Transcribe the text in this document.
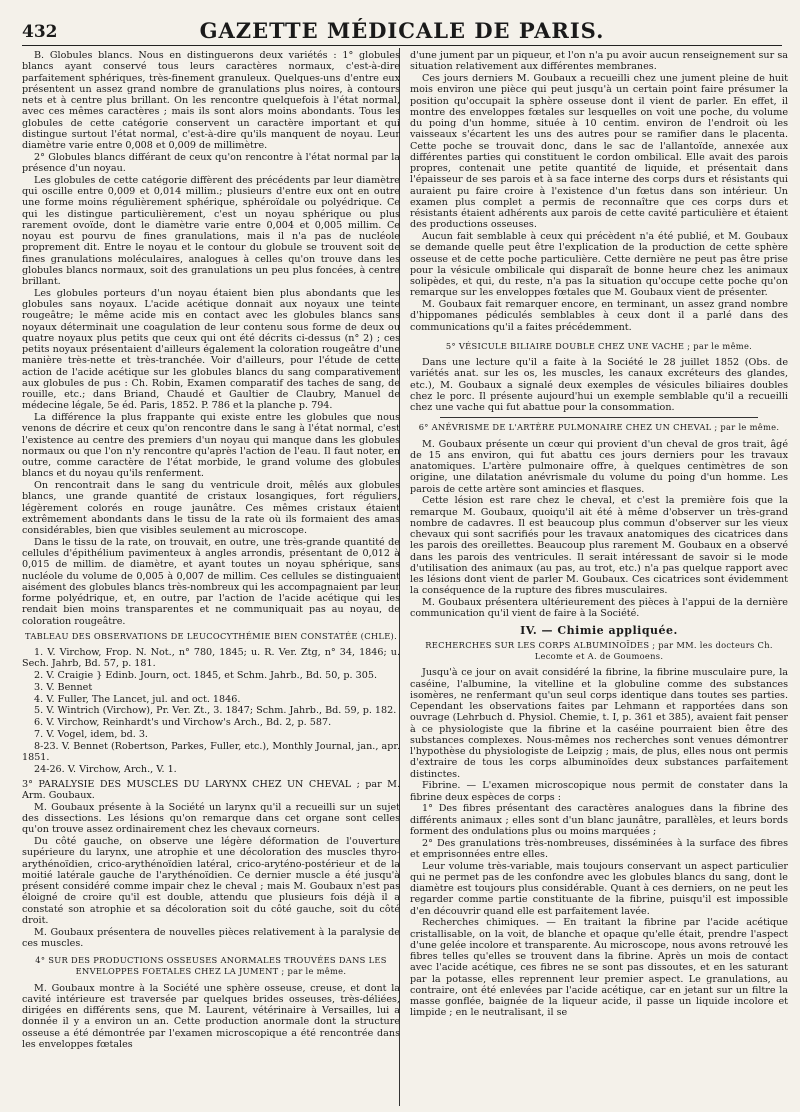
432	GAZETTE MÉDICALE DE PARIS.

B. Globules blancs. Nous en distinguerons deux variétés : 1° globules blancs ayant conservé tous leurs caractères normaux, c'est-à-dire parfaitement sphériques, très-finement granuleux. Quelques-uns d'entre eux présentent un assez grand nombre de granulations plus noires, à contours nets et à centre plus brillant. On les rencontre quelquefois à l'état normal, avec ces mêmes caractères ; mais ils sont alors moins abondants. Tous les globules de cette catégorie conservent un caractère important et qui distingue surtout l'état normal, c'est-à-dire qu'ils manquent de noyau. Leur diamètre varie entre 0,008 et 0,009 de millimètre.

2° Globules blancs différant de ceux qu'on rencontre à l'état normal par la présence d'un noyau.

Les globules de cette catégorie diffèrent des précédents par leur diamètre qui oscille entre 0,009 et 0,014 millim.; plusieurs d'entre eux ont en outre une forme moins régulièrement sphérique, sphéroïdale ou polyédrique. Ce qui les distingue particulièrement, c'est un noyau sphérique ou plus rarement ovoïde, dont le diamètre varie entre 0,004 et 0,005 millim. Ce noyau est pourvu de fines granulations, mais il n'a pas de nucléole proprement dit. Entre le noyau et le contour du globule se trouvent soit de fines granulations moléculaires, analogues à celles qu'on trouve dans les globules blancs normaux, soit des granulations un peu plus foncées, à centre brillant.

Les globules porteurs d'un noyau étaient bien plus abondants que les globules sans noyaux. L'acide acétique donnait aux noyaux une teinte rougeâtre; le même acide mis en contact avec les globules blancs sans noyaux déterminait une coagulation de leur contenu sous forme de deux ou quatre noyaux plus petits que ceux qui ont été décrits ci-dessus (n° 2) ; ces petits noyaux présentaient d'ailleurs également la coloration rougeâtre d'une manière très-nette et très-tranchée. Voir d'ailleurs, pour l'étude de cette action de l'acide acétique sur les globules blancs du sang comparativement aux globules de pus : Ch. Robin, Examen comparatif des taches de sang, de rouille, etc.; dans Briand, Chaudé et Gaultier de Claubry, Manuel de médecine légale, 5e éd. Paris, 1852. P. 786 et la planche p. 794.

La différence la plus frappante qui existe entre les globules que nous venons de décrire et ceux qu'on rencontre dans le sang à l'état normal, c'est l'existence au centre des premiers d'un noyau qui manque dans les globules normaux ou que l'on n'y rencontre qu'après l'action de l'eau. Il faut noter, en outre, comme caractère de l'état morbide, le grand volume des globules blancs et du noyau qu'ils renferment.

On rencontrait dans le sang du ventricule droit, mêlés aux globules blancs, une grande quantité de cristaux losangiques, fort réguliers, légèrement colorés en rouge jaunâtre. Ces mêmes cristaux étaient extrêmement abondants dans le tissu de la rate où ils formaient des amas considérables, bien que visibles seulement au microscope.

Dans le tissu de la rate, on trouvait, en outre, une très-grande quantité de cellules d'épithélium pavimenteux à angles arrondis, présentant de 0,012 à 0,015 de millim. de diamètre, et ayant toutes un noyau sphérique, sans nucléole du volume de 0,005 à 0,007 de millim. Ces cellules se distinguaient aisément des globules blancs très-nombreux qui les accompagnaient par leur forme polyédrique, et, en outre, par l'action de l'acide acétique qui les rendait bien moins transparentes et ne communiquait pas au noyau, de coloration rougeâtre.

TABLEAU DES OBSERVATIONS DE LEUCOCYTHÉMIE BIEN CONSTATÉE (CHLE).

1. V. Virchow, Frор. N. Not., n° 780, 1845; u. R. Ver. Ztg, n° 34, 1846; u. Sech. Jahrb, Bd. 57, p. 181.

2. V. Craigie } Edinb. Journ, oct. 1845, et Schm. Jahrb., Bd. 50, p. 305.

3. V. Bennet

4. V. Fuller, The Lancet, jul. and oct. 1846.

5. V. Wintrich (Virchow), Pr. Ver. Zt., 3. 1847; Schm. Jahrb., Bd. 59, p. 182.

6. V. Virchow, Reinhardt's und Virchow's Arch., Bd. 2, p. 587.

7. V. Vogel, idem, bd. 3.

8-23. V. Bennet (Robertson, Parkes, Fuller, etc.), Monthly Journal, jan., apr. 1851.

24-26. V. Virchow, Arch., V. 1.

3° PARALYSIE DES MUSCLES DU LARYNX CHEZ UN CHEVAL ; par M. Arm. Goubaux.

M. Goubaux présente à la Société un larynx qu'il a recueilli sur un sujet des dissections. Les lésions qu'on remarque dans cet organe sont celles qu'on trouve assez ordinairement chez les chevaux corneurs.

Du côté gauche, on observe une légère déformation de l'ouverture supérieure du larynx, une atrophie et une décoloration des muscles thyro-arythénoïdien, crico-arythénoïdien latéral, crico-aryténo-postérieur et de la moitié latérale gauche de l'arythénoïdien. Ce dernier muscle a été jusqu'à présent considéré comme impair chez le cheval ; mais M. Goubaux n'est pas éloigné de croire qu'il est double, attendu que plusieurs fois déjà il a constaté son atrophie et sa décoloration soit du côté gauche, soit du côté droit.

M. Goubaux présentera de nouvelles pièces relativement à la paralysie de ces muscles.

4° SUR DES PRODUCTIONS OSSEUSES ANORMALES TROUVÉES DANS LES ENVELOPPES FOETALES CHEZ LA JUMENT ; par le même.

M. Goubaux montre à la Société une sphère osseuse, creuse, et dont la cavité intérieure est traversée par quelques brides osseuses, très-déliées, dirigées en différents sens, que M. Laurent, vétérinaire à Versailles, lui a donnée il y a environ un an. Cette production anormale dont la structure osseuse a été démontrée par l'examen microscopique a été rencontrée dans les enveloppes fœtales

d'une jument par un piqueur, et l'on n'a pu avoir aucun renseignement sur sa situation relativement aux différentes membranes.

Ces jours derniers M. Goubaux a recueilli chez une jument pleine de huit mois environ une pièce qui peut jusqu'à un certain point faire présumer la position qu'occupait la sphère osseuse dont il vient de parler. En effet, il montre des enveloppes fœtales sur lesquelles on voit une poche, du volume du poing d'un homme, située à 10 centim. environ de l'endroit où les vaisseaux s'écartent les uns des autres pour se ramifier dans le placenta. Cette poche se trouvait donc, dans le sac de l'allantoïde, annexée aux différentes parties qui constituent le cordon ombilical. Elle avait des parois propres, contenait une petite quantité de liquide, et présentait dans l'épaisseur de ses parois et à sa face interne des corps durs et résistants qui auraient pu faire croire à l'existence d'un fœtus dans son intérieur. Un examen plus complet a permis de reconnaître que ces corps durs et résistants étaient adhérents aux parois de cette cavité particulière et étaient des productions osseuses.

Aucun fait semblable à ceux qui précèdent n'a été publié, et M. Goubaux se demande quelle peut être l'explication de la production de cette sphère osseuse et de cette poche particulière. Cette dernière ne peut pas être prise pour la vésicule ombilicale qui disparaît de bonne heure chez les animaux solipèdes, et qui, du reste, n'a pas la situation qu'occupe cette poche qu'on remarque sur les enveloppes fœtales que M. Goubaux vient de présenter.

M. Goubaux fait remarquer encore, en terminant, un assez grand nombre d'hippomanes pédiculés semblables à ceux dont il a parlé dans des communications qu'il a faites précédemment.

5° VÉSICULE BILIAIRE DOUBLE CHEZ UNE VACHE ; par le même.

Dans une lecture qu'il a faite à la Société le 28 juillet 1852 (Obs. de variétés anat. sur les os, les muscles, les canaux excréteurs des glandes, etc.), M. Goubaux a signalé deux exemples de vésicules biliaires doubles chez le porc. Il présente aujourd'hui un exemple semblable qu'il a recueilli chez une vache qui fut abattue pour la consommation.

6° ANÉVRISME DE L'ARTÈRE PULMONAIRE CHEZ UN CHEVAL ; par le même.

M. Goubaux présente un cœur qui provient d'un cheval de gros trait, âgé de 15 ans environ, qui fut abattu ces jours derniers pour les travaux anatomiques. L'artère pulmonaire offre, à quelques centimètres de son origine, une dilatation anévrismale du volume du poing d'un homme. Les parois de cette artère sont amincies et flasques.

Cette lésion est rare chez le cheval, et c'est la première fois que la remarque M. Goubaux, quoiqu'il ait été à même d'observer un très-grand nombre de cadavres. Il est beaucoup plus commun d'observer sur les vieux chevaux qui sont sacrifiés pour les travaux anatomiques des cicatrices dans les parois des oreillettes. Beaucoup plus rarement M. Goubaux en a observé dans les parois des ventricules. Il serait intéressant de savoir si le mode d'utilisation des animaux (au pas, au trot, etc.) n'a pas quelque rapport avec les lésions dont vient de parler M. Goubaux. Ces cicatrices sont évidemment la conséquence de la rupture des fibres musculaires.

M. Goubaux présentera ultérieurement des pièces à l'appui de la dernière communication qu'il vient de faire à la Société.

IV. — Chimie appliquée.
RECHERCHES SUR LES CORPS ALBUMINOÏDES ; par MM. les docteurs Ch. Lecomte et A. de Goumoens.

Jusqu'à ce jour on avait considéré la fibrine, la fibrine musculaire pure, la caséine, l'albumine, la vitelline et la globuline comme des substances isomères, ne renfermant qu'un seul corps identique dans toutes ses parties. Cependant les observations faites par Lehmann et rapportées dans son ouvrage (Lehrbuch d. Physiol. Chemie, t. I, p. 361 et 385), avaient fait penser à ce physiologiste que la fibrine et la caséine pourraient bien être des substances complexes. Nous-mêmes nos recherches sont venues démontrer l'hypothèse du physiologiste de Leipzig ; mais, de plus, elles nous ont permis d'extraire de tous les corps albuminoïdes deux substances parfaitement distinctes.

Fibrine. — L'examen microscopique nous permit de constater dans la fibrine deux espèces de corps :

1° Des fibres présentant des caractères analogues dans la fibrine des différents animaux ; elles sont d'un blanc jaunâtre, parallèles, et leurs bords forment des ondulations plus ou moins marquées ;

2° Des granulations très-nombreuses, disséminées à la surface des fibres et emprisonnées entre elles.

Leur volume très-variable, mais toujours conservant un aspect particulier qui ne permet pas de les confondre avec les globules blancs du sang, dont le diamètre est toujours plus considérable. Quant à ces derniers, on ne peut les regarder comme partie constituante de la fibrine, puisqu'il est impossible d'en découvrir quand elle est parfaitement lavée.

Recherches chimiques. — En traitant la fibrine par l'acide acétique cristallisable, on la voit, de blanche et opaque qu'elle était, prendre l'aspect d'une gelée incolore et transparente. Au microscope, nous avons retrouvé les fibres telles qu'elles se trouvent dans la fibrine. Après un mois de contact avec l'acide acétique, ces fibres ne se sont pas dissoutes, et en les saturant par la potasse, elles reprennent leur premier aspect. Le granulations, au contraire, ont été enlevées par l'acide acétique, car en jetant sur un filtre la masse gonflée, baignée de la liqueur acide, il passe un liquide incolore et limpide ; en le neutralisant, il se
